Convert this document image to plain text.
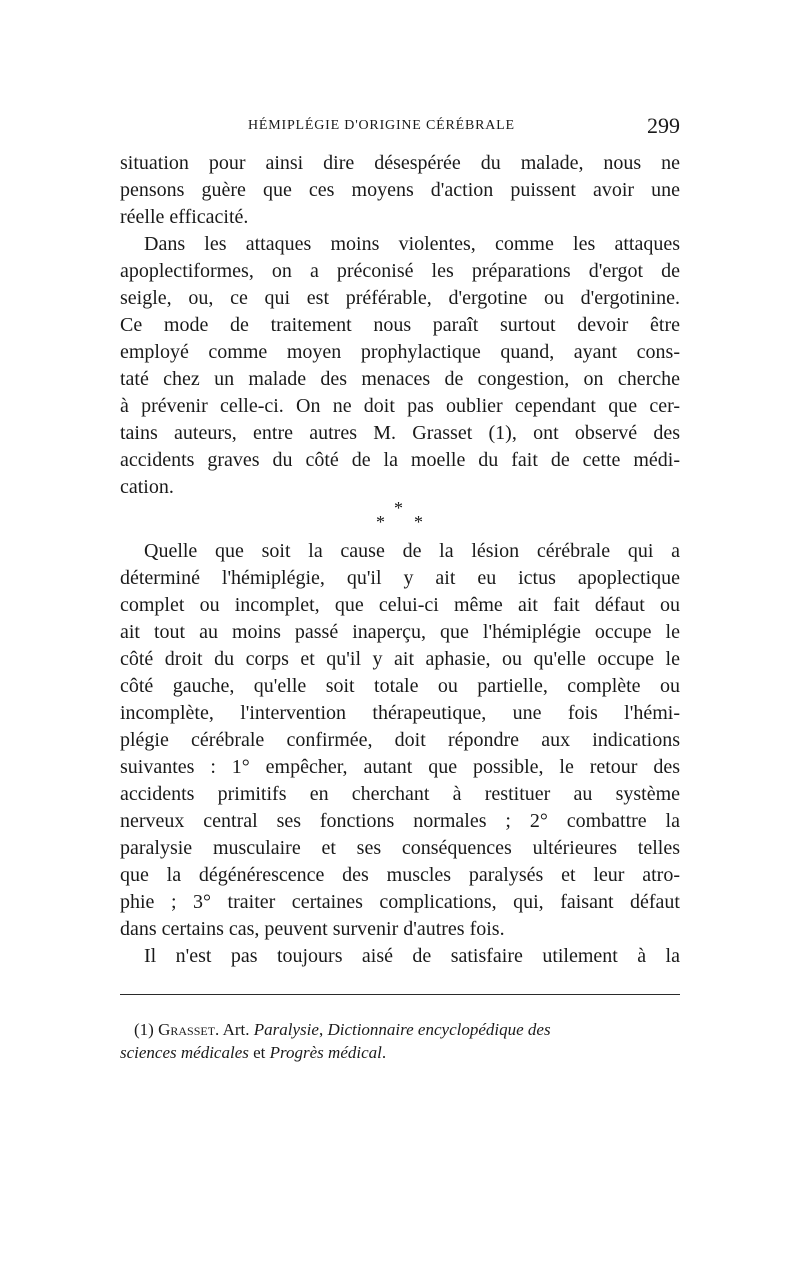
HÉMIPLÉGIE D'ORIGINE CÉRÉBRALE	299
situation pour ainsi dire désespérée du malade, nous ne
pensons guère que ces moyens d'action puissent avoir une
réelle efficacité.
Dans les attaques moins violentes, comme les attaques
apoplectiformes, on a préconisé les préparations d'ergot de
seigle, ou, ce qui est préférable, d'ergotine ou d'ergotinine.
Ce mode de traitement nous paraît surtout devoir être
employé comme moyen prophylactique quand, ayant cons-
taté chez un malade des menaces de congestion, on cherche
à prévenir celle-ci. On ne doit pas oublier cependant que cer-
tains auteurs, entre autres M. Grasset (1), ont observé des
accidents graves du côté de la moelle du fait de cette médi-
cation.
*
* *
Quelle que soit la cause de la lésion cérébrale qui a
déterminé l'hémiplégie, qu'il y ait eu ictus apoplectique
complet ou incomplet, que celui-ci même ait fait défaut ou
ait tout au moins passé inaperçu, que l'hémiplégie occupe le
côté droit du corps et qu'il y ait aphasie, ou qu'elle occupe le
côté gauche, qu'elle soit totale ou partielle, complète ou
incomplète, l'intervention thérapeutique, une fois l'hémi-
plégie cérébrale confirmée, doit répondre aux indications
suivantes : 1° empêcher, autant que possible, le retour des
accidents primitifs en cherchant à restituer au système
nerveux central ses fonctions normales ; 2° combattre la
paralysie musculaire et ses conséquences ultérieures telles
que la dégénérescence des muscles paralysés et leur atro-
phie ; 3° traiter certaines complications, qui, faisant défaut
dans certains cas, peuvent survenir d'autres fois.
Il n'est pas toujours aisé de satisfaire utilement à la
(1) Grasset. Art. Paralysie, Dictionnaire encyclopédique des
sciences médicales et Progrès médical.
